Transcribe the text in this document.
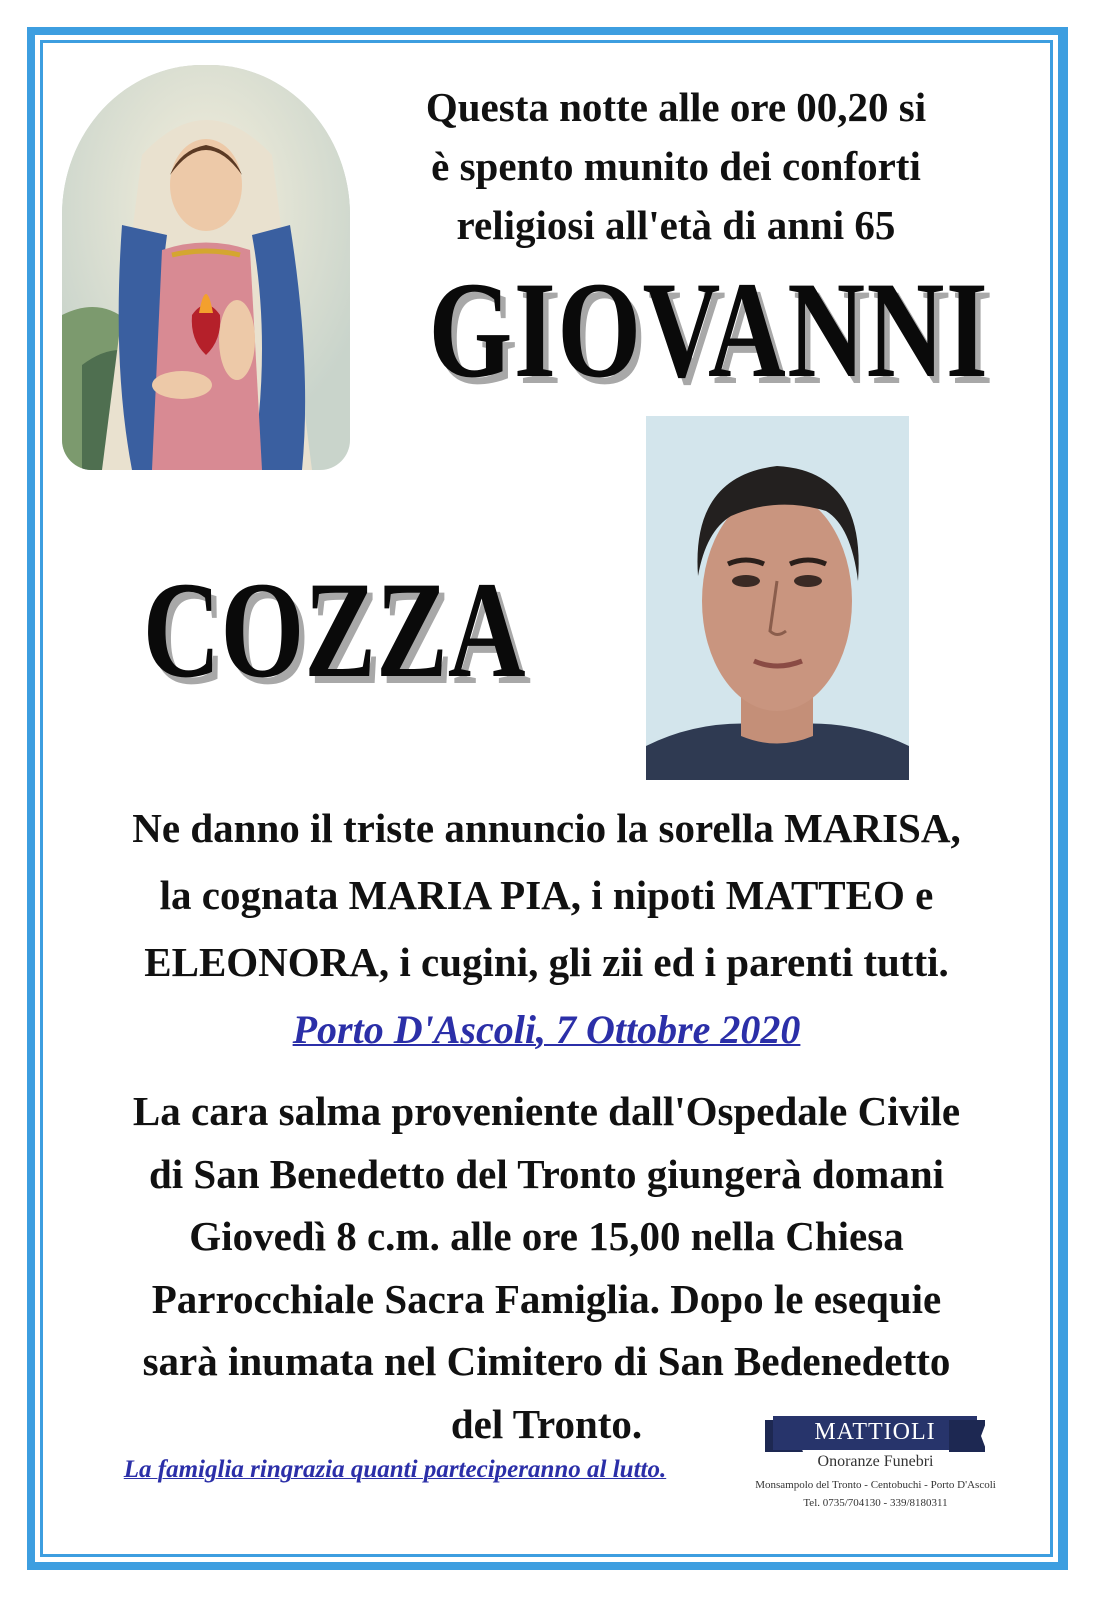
Questa notte alle ore 00,20 si
è spento munito dei conforti
religiosi all'età di anni 65
GIOVANNI
COZZA
Ne danno il triste annuncio la sorella MARISA,
la cognata MARIA PIA, i nipoti MATTEO e
ELEONORA, i cugini, gli zii ed i parenti tutti.
Porto D'Ascoli, 7 Ottobre 2020
La cara salma proveniente dall'Ospedale Civile
di San Benedetto del Tronto giungerà domani
Giovedì 8 c.m. alle ore 15,00 nella Chiesa
Parrocchiale Sacra Famiglia. Dopo le esequie
sarà inumata nel Cimitero di San Bedenedetto
del Tronto.
La famiglia ringrazia quanti parteciperanno al lutto.
MATTIOLI
Onoranze Funebri
Monsampolo del Tronto - Centobuchi - Porto D'Ascoli
Tel. 0735/704130 - 339/8180311
